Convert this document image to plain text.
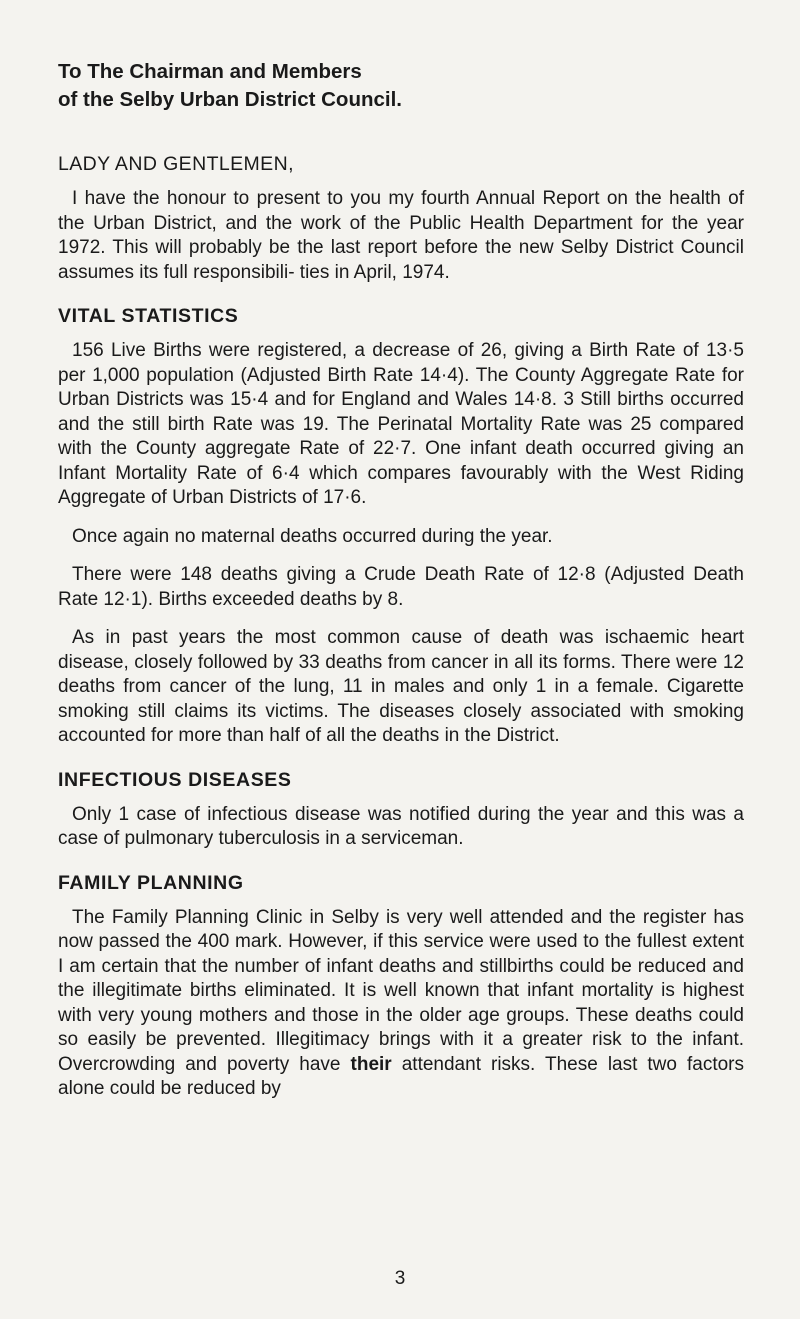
To The Chairman and Members

of the Selby Urban District Council.

LADY AND GENTLEMEN,

I have the honour to present to you my fourth Annual Report on the health of the Urban District, and the work of the Public Health Department for the year 1972. This will probably be the last report before the new Selby District Council assumes its full responsibili- ties in April, 1974.

VITAL STATISTICS

156 Live Births were registered, a decrease of 26, giving a Birth Rate of 13·5 per 1,000 population (Adjusted Birth Rate 14·4). The County Aggregate Rate for Urban Districts was 15·4 and for England and Wales 14·8. 3 Still births occurred and the still birth Rate was 19. The Perinatal Mortality Rate was 25 compared with the County aggregate Rate of 22·7. One infant death occurred giving an Infant Mortality Rate of 6·4 which compares favourably with the West Riding Aggregate of Urban Districts of 17·6.

Once again no maternal deaths occurred during the year.

There were 148 deaths giving a Crude Death Rate of 12·8 (Adjusted Death Rate 12·1). Births exceeded deaths by 8.

As in past years the most common cause of death was ischaemic heart disease, closely followed by 33 deaths from cancer in all its forms. There were 12 deaths from cancer of the lung, 11 in males and only 1 in a female. Cigarette smoking still claims its victims. The diseases closely associated with smoking accounted for more than half of all the deaths in the District.

INFECTIOUS DISEASES

Only 1 case of infectious disease was notified during the year and this was a case of pulmonary tuberculosis in a serviceman.

FAMILY PLANNING

The Family Planning Clinic in Selby is very well attended and the register has now passed the 400 mark. However, if this service were used to the fullest extent I am certain that the number of infant deaths and stillbirths could be reduced and the illegitimate births eliminated. It is well known that infant mortality is highest with very young mothers and those in the older age groups. These deaths could so easily be prevented. Illegitimacy brings with it a greater risk to the infant. Overcrowding and poverty have their attendant risks. These last two factors alone could be reduced by

3
